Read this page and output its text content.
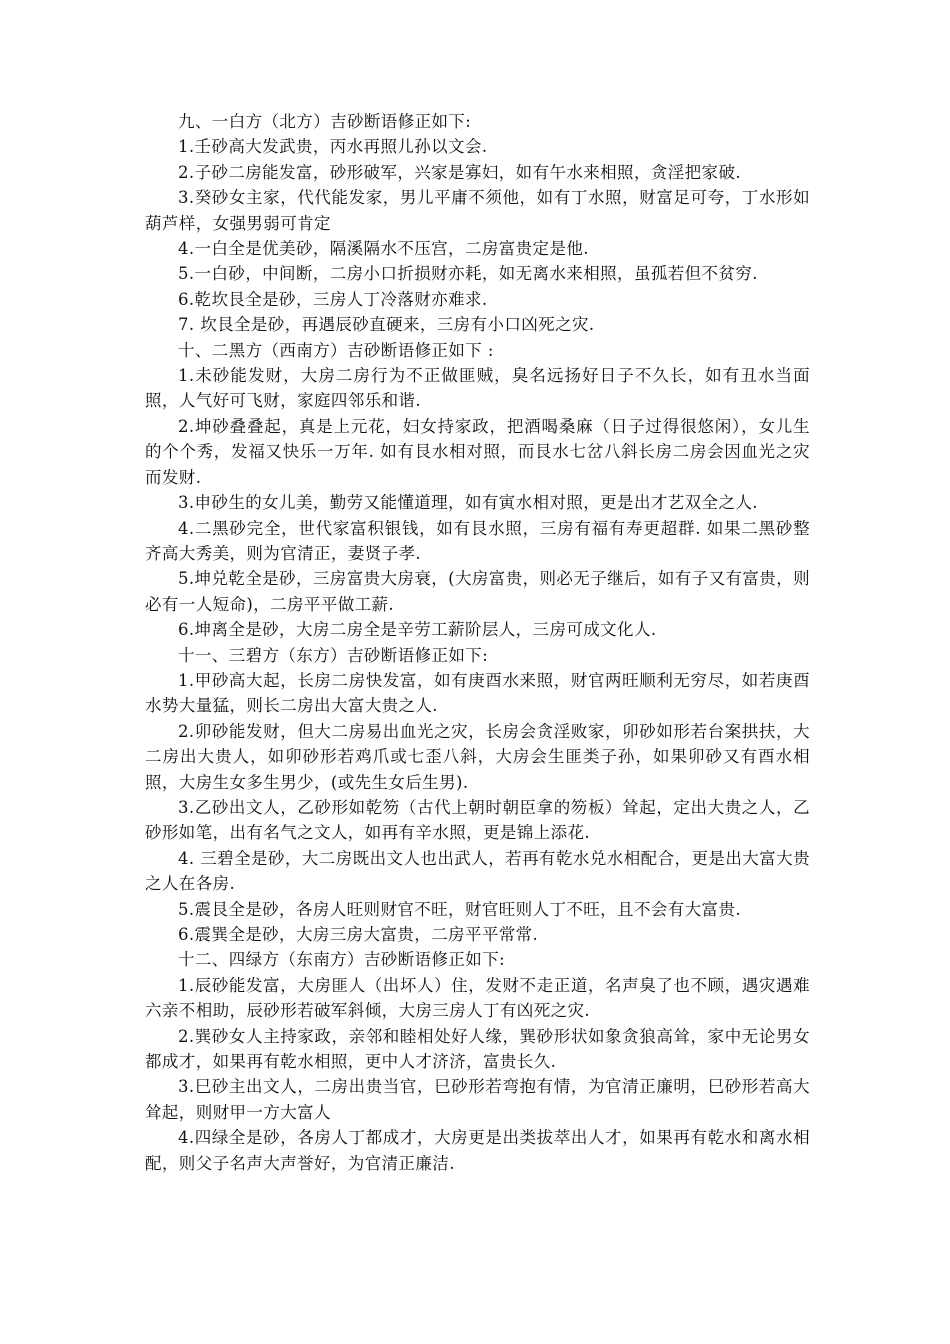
九、一白方（北方）吉砂断语修正如下:

1.壬砂高大发武贵，丙水再照儿孙以文会.

2.子砂二房能发富，砂形破军，兴家是寡妇，如有午水来相照，贪淫把家破.

3.癸砂女主家，代代能发家，男儿平庸不须他，如有丁水照，财富足可夸，丁水形如葫芦样，女强男弱可肯定

4.一白全是优美砂，隔溪隔水不压宫，二房富贵定是他.

5.一白砂，中间断，二房小口折损财亦耗，如无离水来相照，虽孤若但不贫穷.

6.乾坎艮全是砂，三房人丁冷落财亦难求.

7. 坎艮全是砂，再遇辰砂直硬来，三房有小口凶死之灾.

十、二黑方（西南方）吉砂断语修正如下 :

1.未砂能发财，大房二房行为不正做匪贼，臭名远扬好日子不久长，如有丑水当面照，人气好可飞财，家庭四邻乐和谐.

2.坤砂叠叠起，真是上元花，妇女持家政，把酒喝桑麻（日子过得很悠闲），女儿生的个个秀，发福又快乐一万年. 如有艮水相对照，而艮水七岔八斜长房二房会因血光之灾而发财.

3.申砂生的女儿美，勤劳又能懂道理，如有寅水相对照，更是出才艺双全之人.

4.二黑砂完全，世代家富积银钱，如有艮水照，三房有福有寿更超群. 如果二黑砂整齐高大秀美，则为官清正，妻贤子孝.

5.坤兑乾全是砂，三房富贵大房衰，(大房富贵，则必无子继后，如有子又有富贵，则必有一人短命)，二房平平做工薪.

6.坤离全是砂，大房二房全是辛劳工薪阶层人，三房可成文化人.

十一、三碧方（东方）吉砂断语修正如下:

1.甲砂高大起，长房二房快发富，如有庚酉水来照，财官两旺顺利无穷尽，如若庚酉水势大量猛，则长二房出大富大贵之人.

2.卯砂能发财，但大二房易出血光之灾，长房会贪淫败家，卯砂如形若台案拱扶，大二房出大贵人，如卯砂形若鸡爪或七歪八斜，大房会生匪类子孙，如果卯砂又有酉水相照，大房生女多生男少，(或先生女后生男).

3.乙砂出文人，乙砂形如乾笏（古代上朝时朝臣拿的笏板）耸起，定出大贵之人，乙砂形如笔，出有名气之文人，如再有辛水照，更是锦上添花.

4. 三碧全是砂，大二房既出文人也出武人，若再有乾水兑水相配合，更是出大富大贵之人在各房.

5.震艮全是砂，各房人旺则财官不旺，财官旺则人丁不旺，且不会有大富贵.

6.震巽全是砂，大房三房大富贵，二房平平常常.

十二、四绿方（东南方）吉砂断语修正如下:

1.辰砂能发富，大房匪人（出坏人）住，发财不走正道，名声臭了也不顾，遇灾遇难六亲不相助，辰砂形若破军斜倾，大房三房人丁有凶死之灾.

2.巽砂女人主持家政，亲邻和睦相处好人缘，巽砂形状如象贪狼高耸，家中无论男女都成才，如果再有乾水相照，更中人才济济，富贵长久.

3.巳砂主出文人，二房出贵当官，巳砂形若弯抱有情，为官清正廉明，巳砂形若高大耸起，则财甲一方大富人

4.四绿全是砂，各房人丁都成才，大房更是出类拔萃出人才，如果再有乾水和离水相配，则父子名声大声誉好，为官清正廉洁.
